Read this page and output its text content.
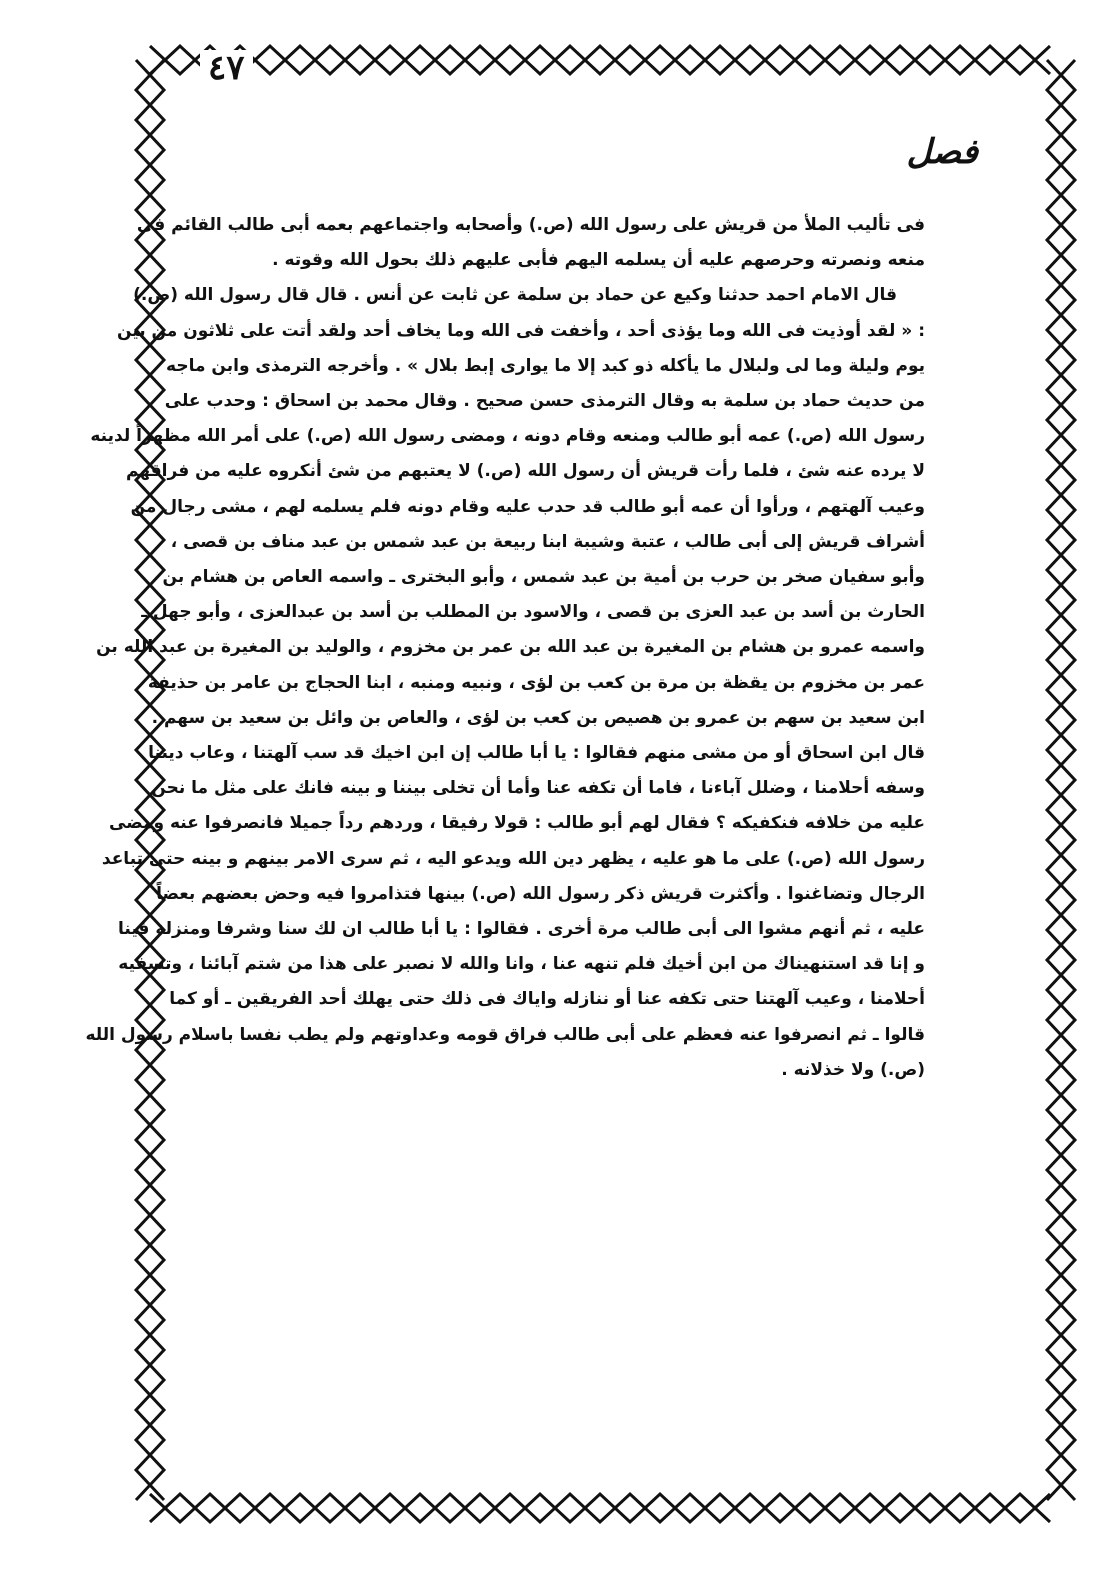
٤٧
فصل
فى تأليب الملأ من قريش على رسول الله (ص.) وأصحابه واجتماعهم بعمه أبى طالب القائم فى
منعه ونصرته وحرصهم عليه أن يسلمه اليهم فأبى عليهم ذلك بحول الله وقوته .
قال الامام احمد حدثنا وكيع عن حماد بن سلمة عن ثابت عن أنس . قال قال رسول الله (ص.)
: « لقد أوذيت فى الله وما يؤذى أحد ، وأخفت فى الله وما يخاف أحد ولقد أتت على ثلاثون من بين
يوم وليلة وما لى ولبلال ما يأكله ذو كبد إلا ما يوارى إبط بلال » . وأخرجه الترمذى وابن ماجه
من حديث حماد بن سلمة به وقال الترمذى حسن صحيح . وقال محمد بن اسحاق : وحدب على
رسول الله (ص.) عمه أبو طالب ومنعه وقام دونه ، ومضى رسول الله (ص.) على أمر الله مظهراً لدينه
لا يرده عنه شئ ، فلما رأت قريش أن رسول الله (ص.) لا يعتبهم من شئ أنكروه عليه من فراقهم
وعيب آلهتهم ، ورأوا أن عمه أبو طالب قد حدب عليه وقام دونه فلم يسلمه لهم ، مشى رجال من
أشراف قريش إلى أبى طالب ، عتبة وشيبة ابنا ربيعة بن عبد شمس بن عبد مناف بن قصى ،
وأبو سفيان صخر بن حرب بن أمية بن عبد شمس ، وأبو البخترى ـ واسمه العاص بن هشام بن
الحارث بن أسد بن عبد العزى بن قصى ، والاسود بن المطلب بن أسد بن عبدالعزى ، وأبو جهل ـ
واسمه عمرو بن هشام بن المغيرة بن عبد الله بن عمر بن مخزوم ، والوليد بن المغيرة بن عبد الله بن
عمر بن مخزوم بن يقظة بن مرة بن كعب بن لؤى ، ونبيه ومنبه ، ابنا الحجاج بن عامر بن حذيفة
ابن سعيد بن سهم بن عمرو بن هصيص بن كعب بن لؤى ، والعاص بن وائل بن سعيد بن سهم .
قال ابن اسحاق أو من مشى منهم فقالوا : يا أبا طالب إن ابن اخيك قد سب آلهتنا ، وعاب ديننا
وسفه أحلامنا ، وضلل آباءنا ، فاما أن تكفه عنا وأما أن تخلى بيننا و بينه فانك على مثل ما نحن
عليه من خلافه فنكفيكه ؟ فقال لهم أبو طالب : قولا رفيقا ، وردهم رداً جميلا فانصرفوا عنه ومضى
رسول الله (ص.) على ما هو عليه ، يظهر دين الله ويدعو اليه ، ثم سرى الامر بينهم و بينه حتى تباعد
الرجال وتضاغنوا . وأكثرت قريش ذكر رسول الله (ص.) بينها فتذامروا فيه وحض بعضهم بعضاً
عليه ، ثم أنهم مشوا الى أبى طالب مرة أخرى . فقالوا : يا أبا طالب ان لك سنا وشرفا ومنزلة فينا
و إنا قد استنهيناك من ابن أخيك فلم تنهه عنا ، وانا والله لا نصبر على هذا من شتم آبائنا ، وتسفيه
أحلامنا ، وعيب آلهتنا حتى تكفه عنا أو ننازله واياك فى ذلك حتى يهلك أحد الفريقين ـ أو كما
قالوا ـ ثم انصرفوا عنه فعظم على أبى طالب فراق قومه وعداوتهم ولم يطب نفسا باسلام رسول الله
(ص.) ولا خذلانه .
